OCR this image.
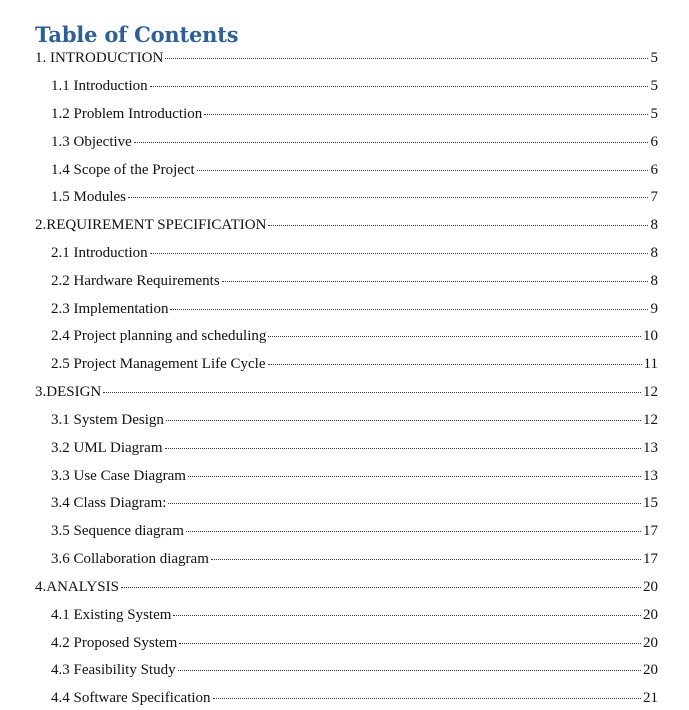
Table of Contents
1. INTRODUCTION	5
1.1 Introduction	5
1.2 Problem Introduction	5
1.3 Objective	6
1.4 Scope of the Project	6
1.5 Modules	7
2.REQUIREMENT SPECIFICATION	8
2.1 Introduction	8
2.2 Hardware Requirements	8
2.3 Implementation	9
2.4 Project planning and scheduling	10
2.5 Project Management Life Cycle	11
3.DESIGN	12
3.1 System Design	12
3.2 UML Diagram	13
3.3 Use Case Diagram	13
3.4 Class Diagram:	15
3.5 Sequence diagram	17
3.6 Collaboration diagram	17
4.ANALYSIS	20
4.1 Existing System	20
4.2 Proposed System	20
4.3 Feasibility Study	20
4.4 Software Specification	21
